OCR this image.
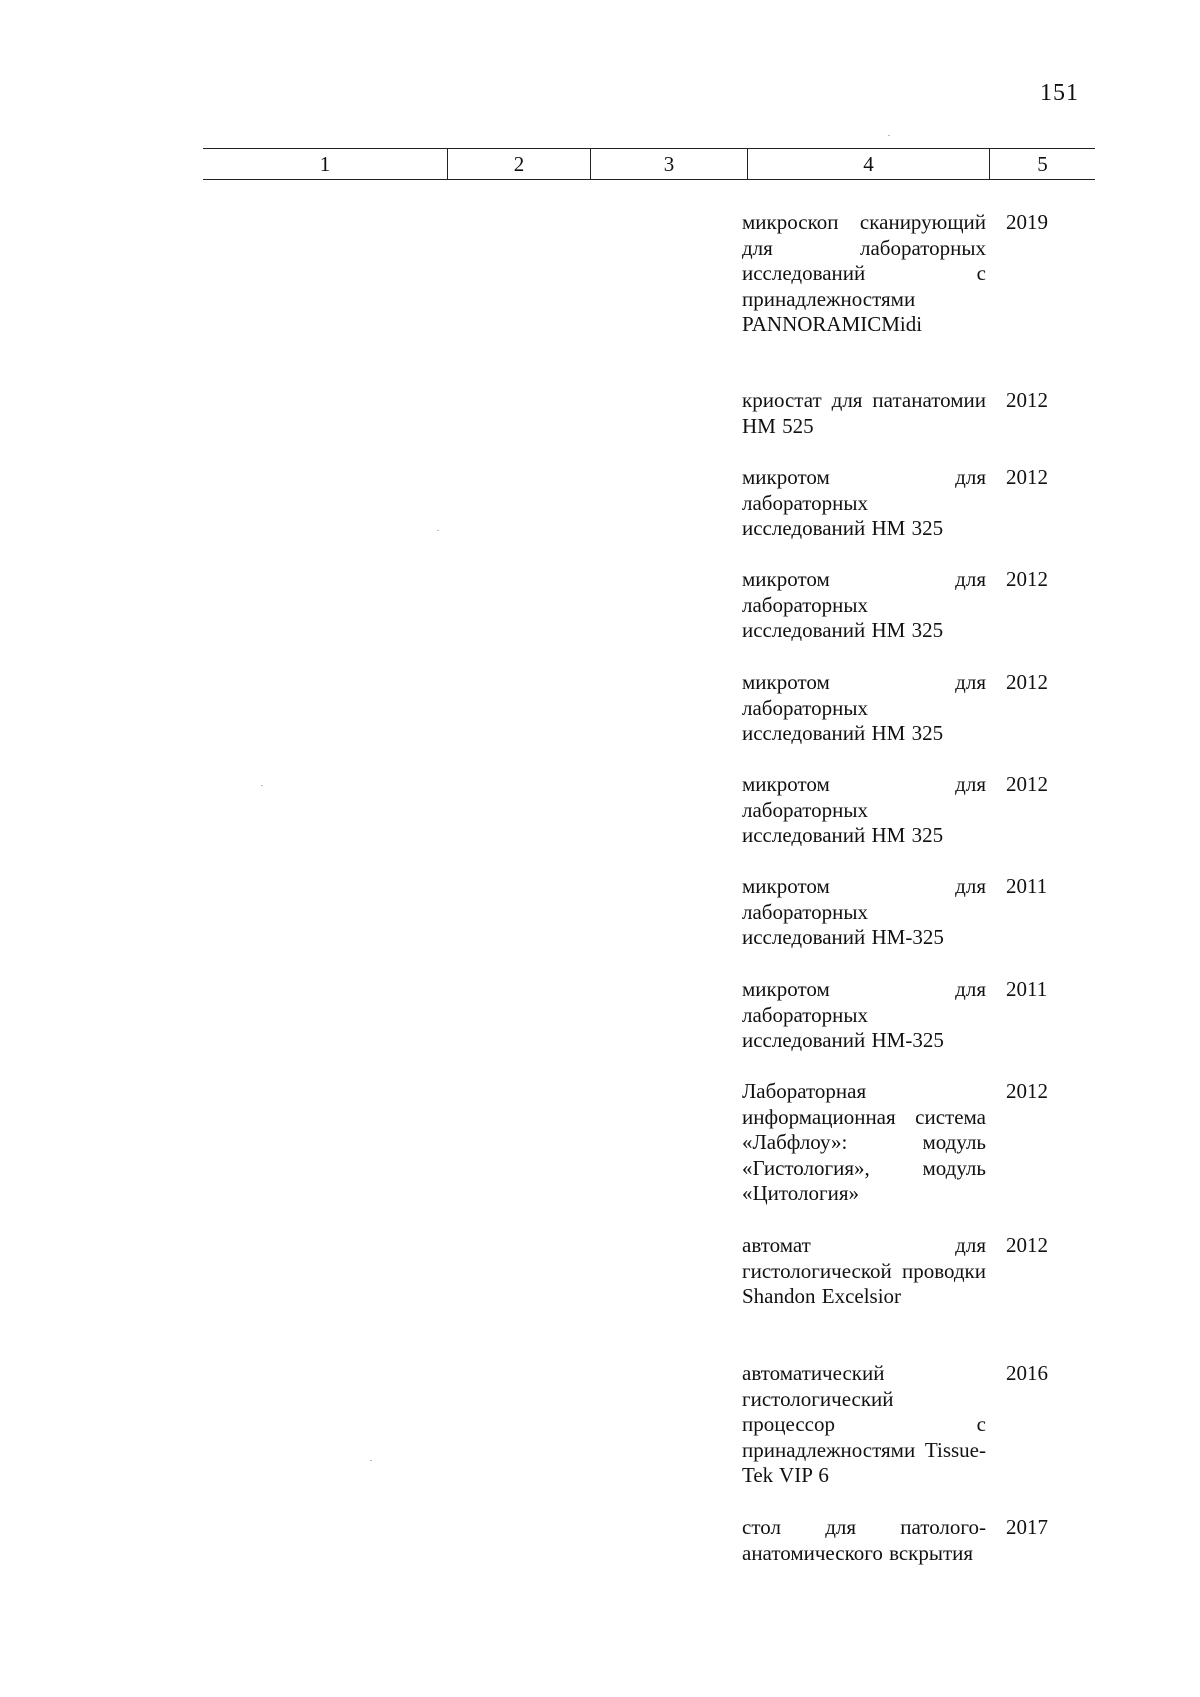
151
1	2	3	4	5
микроскоп сканирующий для лабораторных исследований с принадлежностями PANNORAMICMidi
2019
криостат для патанатомии HM 525
2012
микротом для лабораторных исследований HM 325
2012
микротом для лабораторных исследований HM 325
2012
микротом для лабораторных исследований HM 325
2012
микротом для лабораторных исследований HM 325
2012
микротом для лабораторных исследований HM-325
2011
микротом для лабораторных исследований HM-325
2011
Лабораторная информационная система «Лабфлоу»: модуль «Гистология», модуль «Цитология»
2012
автомат для гистологической проводки Shandon Excelsior
2012
автоматический гистологический процессор с принадлежностями Tissue-Tek VIP 6
2016
стол для патолого-анатомического вскрытия
2017
